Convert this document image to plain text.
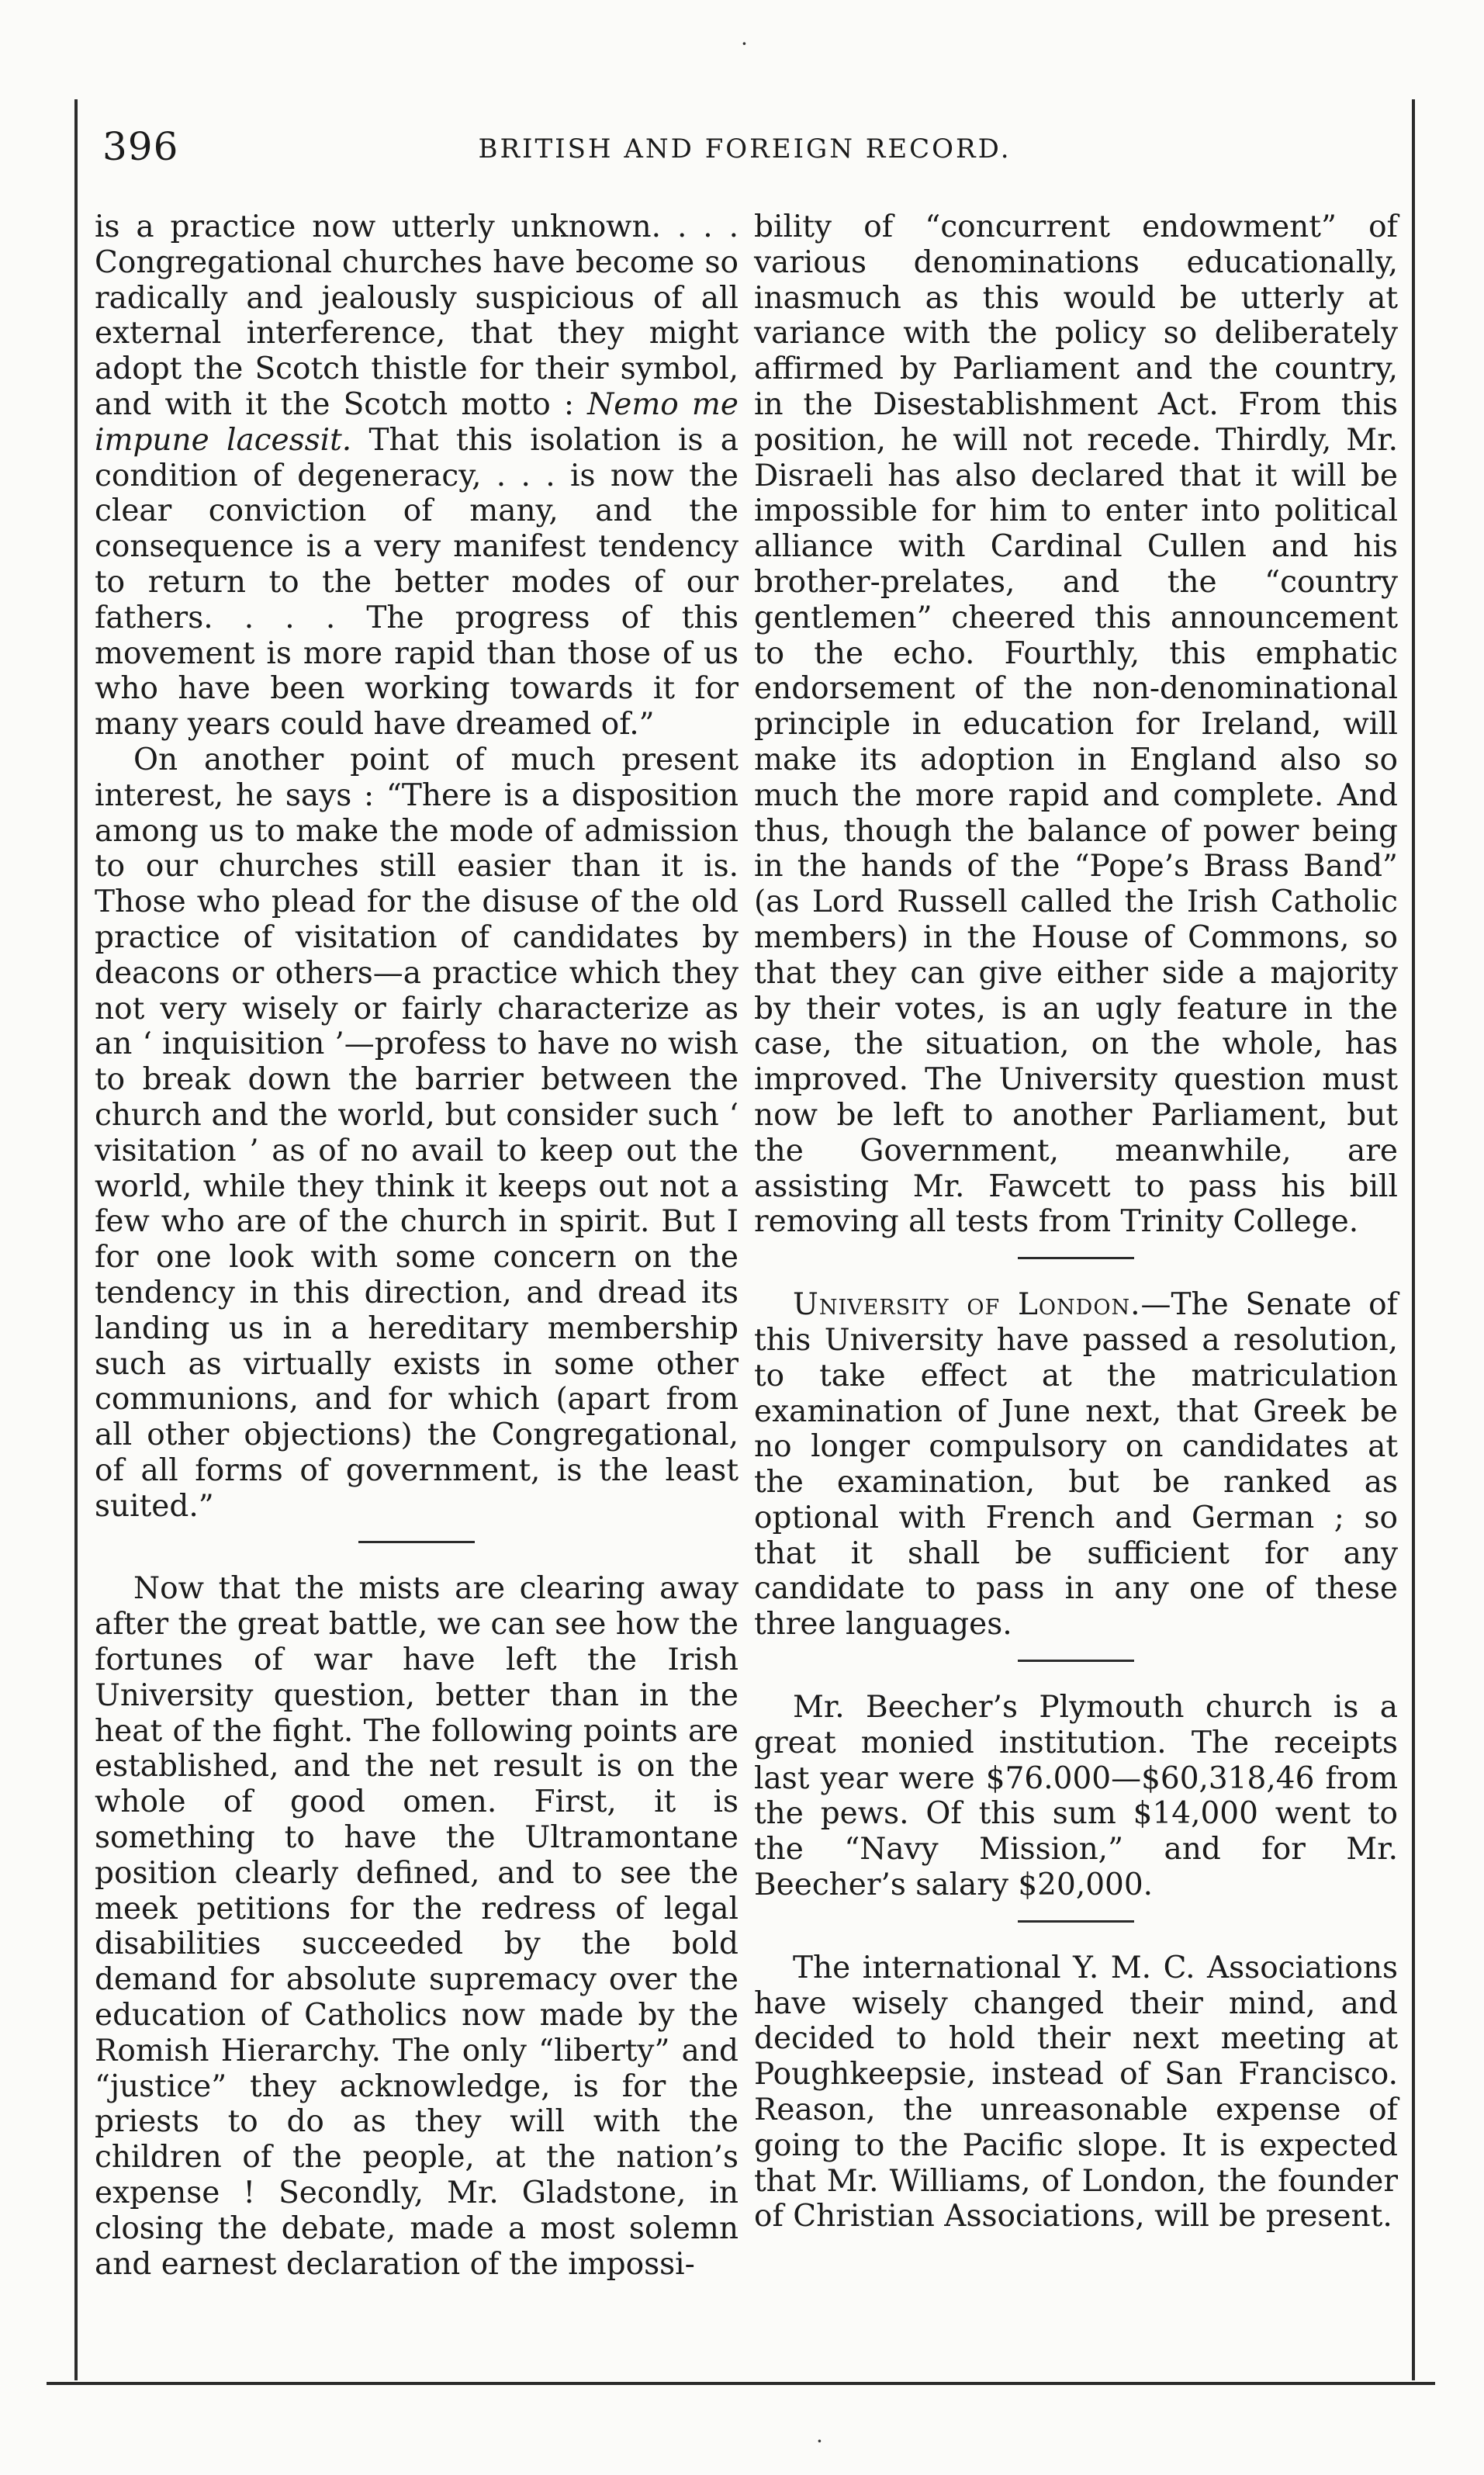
·
396	BRITISH AND FOREIGN RECORD.

is a practice now utterly unknown. . . . Congregational churches have become so radically and jealously suspicious of all external interference, that they might adopt the Scotch thistle for their symbol, and with it the Scotch motto : Nemo me impune lacessit. That this isolation is a condition of degeneracy, . . . is now the clear conviction of many, and the consequence is a very manifest tendency to return to the better modes of our fathers. . . . The progress of this movement is more rapid than those of us who have been working towards it for many years could have dreamed of.”

On another point of much present interest, he says : “There is a disposition among us to make the mode of admission to our churches still easier than it is. Those who plead for the disuse of the old practice of visitation of candidates by deacons or others—a practice which they not very wisely or fairly characterize as an ‘ inquisition ’—profess to have no wish to break down the barrier between the church and the world, but consider such ‘ visitation ’ as of no avail to keep out the world, while they think it keeps out not a few who are of the church in spirit. But I for one look with some concern on the tendency in this direction, and dread its landing us in a hereditary membership such as virtually exists in some other communions, and for which (apart from all other objections) the Congregational, of all forms of government, is the least suited.”

Now that the mists are clearing away after the great battle, we can see how the fortunes of war have left the Irish University question, better than in the heat of the fight. The following points are established, and the net result is on the whole of good omen. First, it is something to have the Ultramontane position clearly defined, and to see the meek petitions for the redress of legal disabilities succeeded by the bold demand for absolute supremacy over the education of Catholics now made by the Romish Hierarchy. The only “liberty” and “justice” they acknowledge, is for the priests to do as they will with the children of the people, at the nation’s expense ! Secondly, Mr. Gladstone, in closing the debate, made a most solemn and earnest declaration of the impossi-

bility of “concurrent endowment” of various denominations educationally, inasmuch as this would be utterly at variance with the policy so deliberately affirmed by Parliament and the country, in the Disestablishment Act. From this position, he will not recede. Thirdly, Mr. Disraeli has also declared that it will be impossible for him to enter into political alliance with Cardinal Cullen and his brother-prelates, and the “country gentlemen” cheered this announcement to the echo. Fourthly, this emphatic endorsement of the non-denominational principle in education for Ireland, will make its adoption in England also so much the more rapid and complete. And thus, though the balance of power being in the hands of the “Pope’s Brass Band” (as Lord Russell called the Irish Catholic members) in the House of Commons, so that they can give either side a majority by their votes, is an ugly feature in the case, the situation, on the whole, has improved. The University question must now be left to another Parliament, but the Government, meanwhile, are assisting Mr. Fawcett to pass his bill removing all tests from Trinity College.

University of London.—The Senate of this University have passed a resolution, to take effect at the matriculation examination of June next, that Greek be no longer compulsory on candidates at the examination, but be ranked as optional with French and German ; so that it shall be sufficient for any candidate to pass in any one of these three languages.

Mr. Beecher’s Plymouth church is a great monied institution. The receipts last year were $76.000—$60,318,46 from the pews. Of this sum $14,000 went to the “Navy Mission,” and for Mr. Beecher’s salary $20,000.

The international Y. M. C. Associations have wisely changed their mind, and decided to hold their next meeting at Poughkeepsie, instead of San Francisco. Reason, the unreasonable expense of going to the Pacific slope. It is expected that Mr. Williams, of London, the founder of Christian Associations, will be present.

·
